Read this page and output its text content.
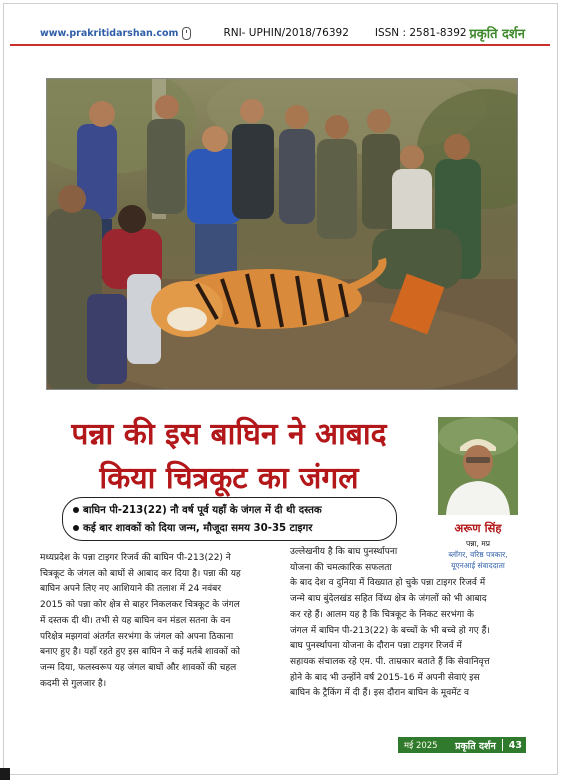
www.prakritidarshan.com	RNI- UPHIN/2018/76392 ISSN : 2581-8392 प्रकृति दर्शन
पन्ना की इस बाघिन ने आबाद
किया चित्रकूट का जंगल
अरूण सिंह
पन्ना, मप्र
ब्लॉगर, वरिष्ठ पत्रकार,
यूएनआई संवाददाता
बाघिन पी-213(22) नौ वर्ष पूर्व यहाँ के जंगल में दी थी दस्तक
कई बार शावकों को दिया जन्म, मौजूदा समय 30-35 टाइगर
मध्यप्रदेश के पन्ना टाइगर रिजर्व की बाघिन पी-213(22) ने
चित्रकूट के जंगल को बाघों से आबाद कर दिया है। पन्ना की यह
बाघिन अपने लिए नए आशियाने की तलाश में 24 नवंबर
2015 को पन्ना कोर क्षेत्र से बाहर निकलकर चित्रकूट के जंगल
में दस्तक दी थी। तभी से यह बाघिन वन मंडल सतना के वन
परिक्षेत्र मझगवां अंतर्गत सरभंगा के जंगल को अपना ठिकाना
बनाए हुए है। यहाँ रहते हुए इस बाघिन ने कई मर्तबे शावकों को
जन्म दिया, फलस्वरूप यह जंगल बाघों और शावकों की चहल
कदमी से गुलजार है।
उल्लेखनीय है कि बाघ पुनर्स्थापना
योजना की चमत्कारिक सफलता
के बाद देश व दुनिया में विख्यात हो चुके पन्ना टाइगर रिजर्व में
जन्मे बाघ बुंदेलखंड सहित विंध्य क्षेत्र के जंगलों को भी आबाद
कर रहे हैं। आलम यह है कि चित्रकूट के निकट सरभंगा के
जंगल में बाघिन पी-213(22) के बच्चों के भी बच्चे हो गए हैं।
बाघ पुनर्स्थापना योजना के दौरान पन्ना टाइगर रिजर्व में
सहायक संचालक रहे एम. पी. ताम्रकार बताते हैं कि सेवानिवृत्त
होने के बाद भी उन्होंने वर्ष 2015-16 में अपनी सेवाएं इस
बाघिन के ट्रैकिंग में दी हैं। इस दौरान बाघिन के मूवमेंट व
मई 2025 प्रकृति दर्शन 43
